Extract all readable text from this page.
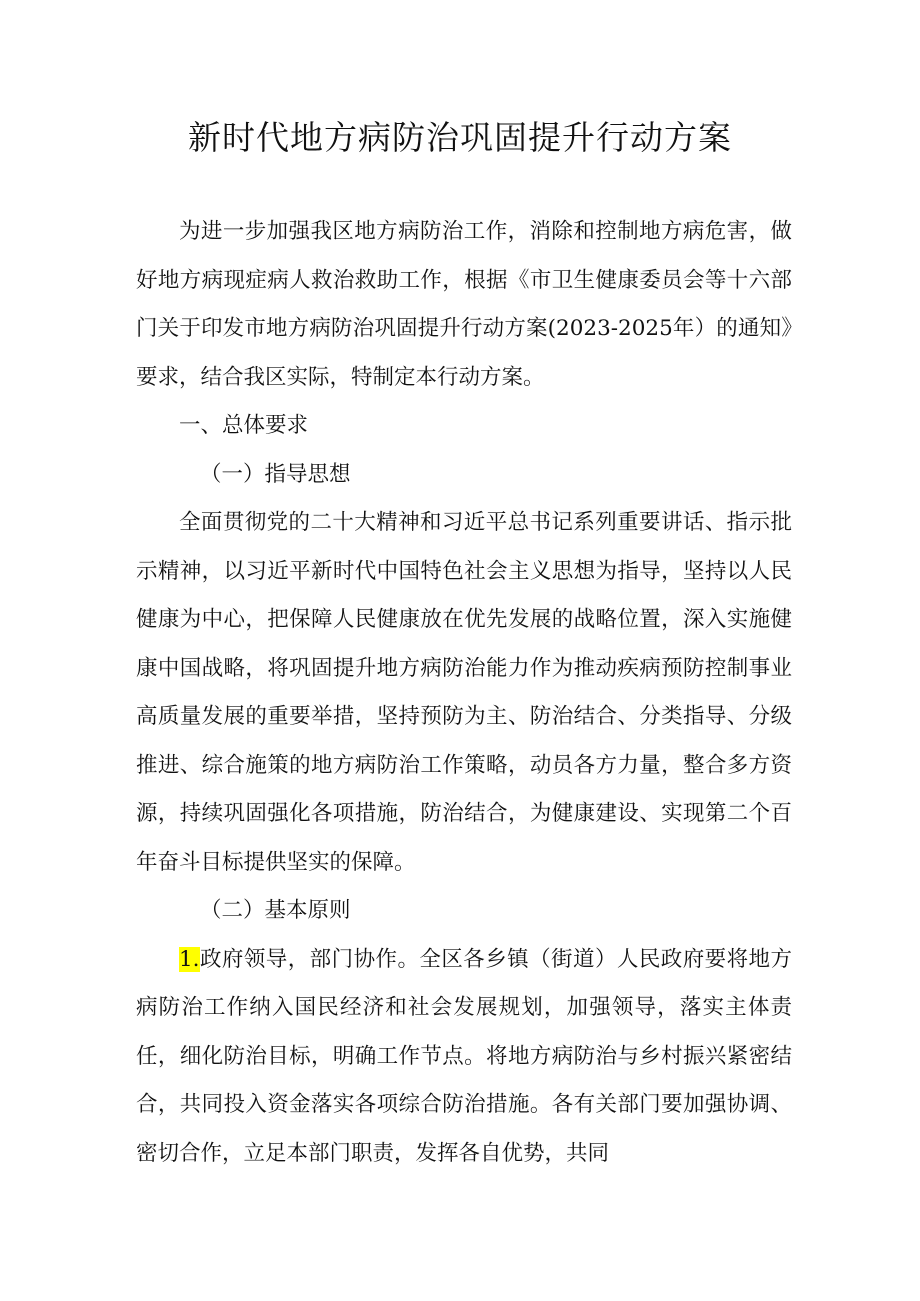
新时代地方病防治巩固提升行动方案

为进一步加强我区地方病防治工作，消除和控制地方病危害，做好地方病现症病人救治救助工作，根据《市卫生健康委员会等十六部门关于印发市地方病防治巩固提升行动方案(2023-2025年）的通知》要求，结合我区实际，特制定本行动方案。

一、总体要求

（一）指导思想

全面贯彻党的二十大精神和习近平总书记系列重要讲话、指示批示精神，以习近平新时代中国特色社会主义思想为指导，坚持以人民健康为中心，把保障人民健康放在优先发展的战略位置，深入实施健康中国战略，将巩固提升地方病防治能力作为推动疾病预防控制事业高质量发展的重要举措，坚持预防为主、防治结合、分类指导、分级推进、综合施策的地方病防治工作策略，动员各方力量，整合多方资源，持续巩固强化各项措施，防治结合，为健康建设、实现第二个百年奋斗目标提供坚实的保障。

（二）基本原则

1.政府领导，部门协作。全区各乡镇（街道）人民政府要将地方病防治工作纳入国民经济和社会发展规划，加强领导，落实主体责任，细化防治目标，明确工作节点。将地方病防治与乡村振兴紧密结合，共同投入资金落实各项综合防治措施。各有关部门要加强协调、密切合作，立足本部门职责，发挥各自优势，共同
